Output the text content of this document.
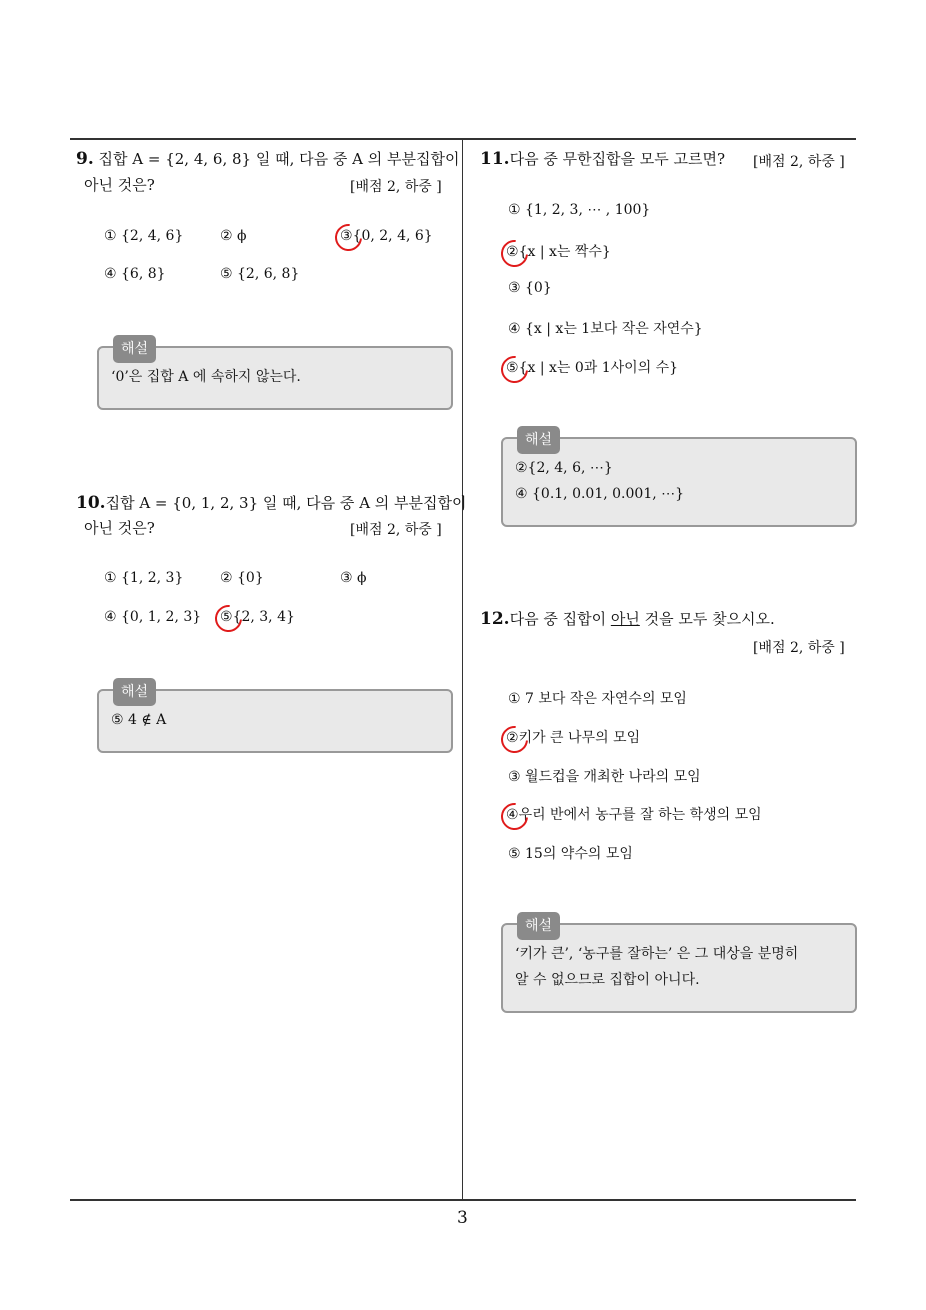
9. 집합 A = {2, 4, 6, 8} 일 때, 다음 중 A 의 부분집합이
아닌 것은?	[배점 2, 하중 ]
① {2, 4, 6}	② ϕ	③{0, 2, 4, 6}
④ {6, 8}	⑤ {2, 6, 8}
해설
‘0’은 집합 A 에 속하지 않는다.
10.집합 A = {0, 1, 2, 3} 일 때, 다음 중 A 의 부분집합이
아닌 것은?	[배점 2, 하중 ]
① {1, 2, 3}	② {0}	③ ϕ
④ {0, 1, 2, 3} ⑤{2, 3, 4}
해설
⑤ 4 ∉ A
11.다음 중 무한집합을 모두 고르면? [배점 2, 하중 ]
① {1, 2, 3, ⋯ , 100}
②{x | x는 짝수}
③ {0}
④ {x | x는 1보다 작은 자연수}
⑤{x | x는 0과 1사이의 수}
해설
②{2, 4, 6, ⋯}
④ {0.1, 0.01, 0.001, ⋯}
12.다음 중 집합이 아닌 것을 모두 찾으시오.
[배점 2, 하중 ]
① 7 보다 작은 자연수의 모임
②키가 큰 나무의 모임
③ 월드컵을 개최한 나라의 모임
④우리 반에서 농구를 잘 하는 학생의 모임
⑤ 15의 약수의 모임
해설
‘키가 큰’, ‘농구를 잘하는’ 은 그 대상을 분명히
알 수 없으므로 집합이 아니다.
3
